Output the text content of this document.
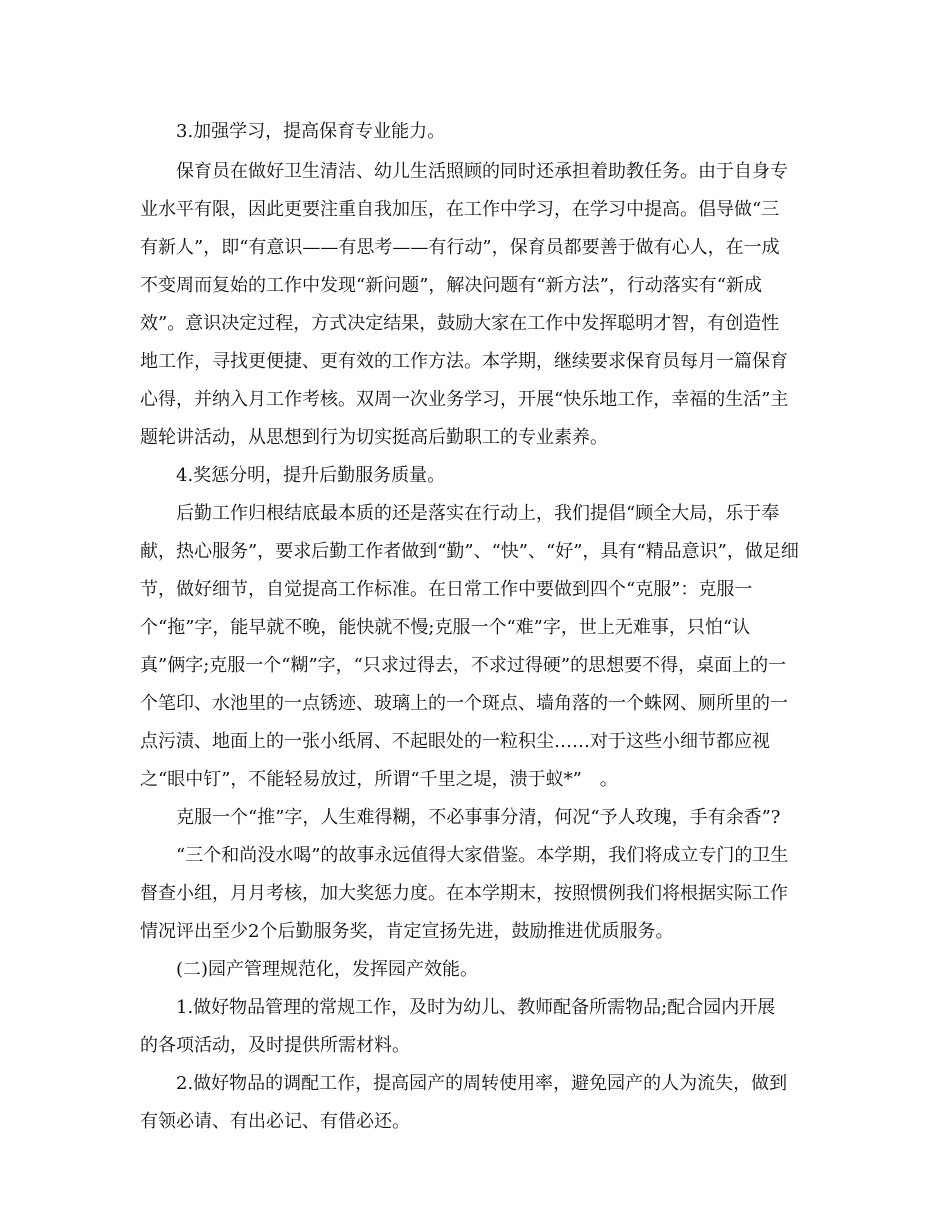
3.加强学习，提高保育专业能力。
保育员在做好卫生清洁、幼儿生活照顾的同时还承担着助教任务。由于自身专
业水平有限，因此更要注重自我加压，在工作中学习，在学习中提高。倡导做“三
有新人”，即“有意识——有思考——有行动”，保育员都要善于做有心人，在一成
不变周而复始的工作中发现“新问题”，解决问题有“新方法”，行动落实有“新成
效”。意识决定过程，方式决定结果，鼓励大家在工作中发挥聪明才智，有创造性
地工作，寻找更便捷、更有效的工作方法。本学期，继续要求保育员每月一篇保育
心得，并纳入月工作考核。双周一次业务学习，开展“快乐地工作，幸福的生活”主
题轮讲活动，从思想到行为切实挺高后勤职工的专业素养。
4.奖惩分明，提升后勤服务质量。
后勤工作归根结底最本质的还是落实在行动上，我们提倡“顾全大局，乐于奉
献，热心服务”，要求后勤工作者做到“勤”、“快”、“好”，具有“精品意识”，做足细
节，做好细节，自觉提高工作标准。在日常工作中要做到四个“克服”：克服一
个“拖”字，能早就不晚，能快就不慢;克服一个“难”字，世上无难事，只怕“认
真”俩字;克服一个“糊”字，“只求过得去，不求过得硬”的思想要不得，桌面上的一
个笔印、水池里的一点锈迹、玻璃上的一个斑点、墙角落的一个蛛网、厕所里的一
点污渍、地面上的一张小纸屑、不起眼处的一粒积尘……对于这些小细节都应视
之“眼中钉”，不能轻易放过，所谓“千里之堤，溃于蚁*”　。
克服一个“推”字，人生难得糊，不必事事分清，何况“予人玫瑰，手有余香”?
“三个和尚没水喝”的故事永远值得大家借鉴。本学期，我们将成立专门的卫生
督查小组，月月考核，加大奖惩力度。在本学期末，按照惯例我们将根据实际工作
情况评出至少2个后勤服务奖，肯定宣扬先进，鼓励推进优质服务。
(二)园产管理规范化，发挥园产效能。
1.做好物品管理的常规工作，及时为幼儿、教师配备所需物品;配合园内开展
的各项活动，及时提供所需材料。
2.做好物品的调配工作，提高园产的周转使用率，避免园产的人为流失，做到
有领必请、有出必记、有借必还。
